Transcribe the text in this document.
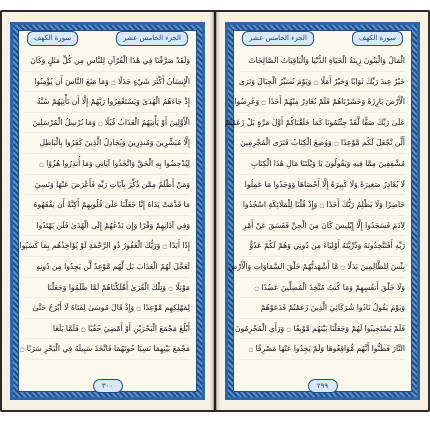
سورة الكهف	الجزء الخامس عشر
وَلَقَدْ صَرَّفْنَا فِي هَٰذَا الْقُرْآنِ لِلنَّاسِ مِن كُلِّ مَثَلٍ وَكَانَ
الْإِنسَانُ أَكْثَرَ شَيْءٍ جَدَلًا ۝ وَمَا مَنَعَ النَّاسَ أَن يُؤْمِنُوا
إِذْ جَاءَهُمُ الْهُدَىٰ وَيَسْتَغْفِرُوا رَبَّهُمْ إِلَّا أَن تَأْتِيَهُمْ سُنَّةُ
الْأَوَّلِينَ أَوْ يَأْتِيَهُمُ الْعَذَابُ قُبُلًا ۝ وَمَا نُرْسِلُ الْمُرْسَلِينَ
إِلَّا مُبَشِّرِينَ وَمُنذِرِينَ وَيُجَادِلُ الَّذِينَ كَفَرُوا بِالْبَاطِلِ
لِيُدْحِضُوا بِهِ الْحَقَّ وَاتَّخَذُوا آيَاتِي وَمَا أُنذِرُوا هُزُوًا ۝
وَمَنْ أَظْلَمُ مِمَّن ذُكِّرَ بِآيَاتِ رَبِّهِ فَأَعْرَضَ عَنْهَا وَنَسِيَ
مَا قَدَّمَتْ يَدَاهُ إِنَّا جَعَلْنَا عَلَىٰ قُلُوبِهِمْ أَكِنَّةً أَن يَفْقَهُوهُ
وَفِي آذَانِهِمْ وَقْرًا وَإِن تَدْعُهُمْ إِلَى الْهُدَىٰ فَلَن يَهْتَدُوا
إِذًا أَبَدًا ۝ وَرَبُّكَ الْغَفُورُ ذُو الرَّحْمَةِ لَوْ يُؤَاخِذُهُم بِمَا كَسَبُوا
لَعَجَّلَ لَهُمُ الْعَذَابَ بَل لَّهُم مَّوْعِدٌ لَّن يَجِدُوا مِن دُونِهِ
مَوْئِلًا ۝ وَتِلْكَ الْقُرَىٰ أَهْلَكْنَاهُمْ لَمَّا ظَلَمُوا وَجَعَلْنَا
لِمَهْلِكِهِم مَّوْعِدًا ۝ وَإِذْ قَالَ مُوسَىٰ لِفَتَاهُ لَا أَبْرَحُ حَتَّىٰ
أَبْلُغَ مَجْمَعَ الْبَحْرَيْنِ أَوْ أَمْضِيَ حُقُبًا ۝ فَلَمَّا بَلَغَا
مَجْمَعَ بَيْنِهِمَا نَسِيَا حُوتَهُمَا فَاتَّخَذَ سَبِيلَهُ فِي الْبَحْرِ سَرَبًا ۝
٣٠٠
الجزء الخامس عشر	سورة الكهف
الْمَالُ وَالْبَنُونَ زِينَةُ الْحَيَاةِ الدُّنْيَا وَالْبَاقِيَاتُ الصَّالِحَاتُ
خَيْرٌ عِندَ رَبِّكَ ثَوَابًا وَخَيْرٌ أَمَلًا ۝ وَيَوْمَ نُسَيِّرُ الْجِبَالَ وَتَرَى
الْأَرْضَ بَارِزَةً وَحَشَرْنَاهُمْ فَلَمْ نُغَادِرْ مِنْهُمْ أَحَدًا ۝ وَعُرِضُوا
عَلَىٰ رَبِّكَ صَفًّا لَّقَدْ جِئْتُمُونَا كَمَا خَلَقْنَاكُمْ أَوَّلَ مَرَّةٍ بَلْ زَعَمْتُمْ
أَلَّن نَّجْعَلَ لَكُم مَّوْعِدًا ۝ وَوُضِعَ الْكِتَابُ فَتَرَى الْمُجْرِمِينَ
مُشْفِقِينَ مِمَّا فِيهِ وَيَقُولُونَ يَا وَيْلَتَنَا مَالِ هَٰذَا الْكِتَابِ
لَا يُغَادِرُ صَغِيرَةً وَلَا كَبِيرَةً إِلَّا أَحْصَاهَا وَوَجَدُوا مَا عَمِلُوا
حَاضِرًا وَلَا يَظْلِمُ رَبُّكَ أَحَدًا ۝ وَإِذْ قُلْنَا لِلْمَلَائِكَةِ اسْجُدُوا
لِآدَمَ فَسَجَدُوا إِلَّا إِبْلِيسَ كَانَ مِنَ الْجِنِّ فَفَسَقَ عَنْ أَمْرِ
رَبِّهِ أَفَتَتَّخِذُونَهُ وَذُرِّيَّتَهُ أَوْلِيَاءَ مِن دُونِي وَهُمْ لَكُمْ عَدُوٌّ
بِئْسَ لِلظَّالِمِينَ بَدَلًا ۝ مَّا أَشْهَدتُّهُمْ خَلْقَ السَّمَاوَاتِ وَالْأَرْضِ
وَلَا خَلْقَ أَنفُسِهِمْ وَمَا كُنتُ مُتَّخِذَ الْمُضِلِّينَ عَضُدًا ۝
وَيَوْمَ يَقُولُ نَادُوا شُرَكَائِيَ الَّذِينَ زَعَمْتُمْ فَدَعَوْهُمْ
فَلَمْ يَسْتَجِيبُوا لَهُمْ وَجَعَلْنَا بَيْنَهُم مَّوْبِقًا ۝ وَرَأَى الْمُجْرِمُونَ
النَّارَ فَظَنُّوا أَنَّهُم مُّوَاقِعُوهَا وَلَمْ يَجِدُوا عَنْهَا مَصْرِفًا ۝
٢٩٩
